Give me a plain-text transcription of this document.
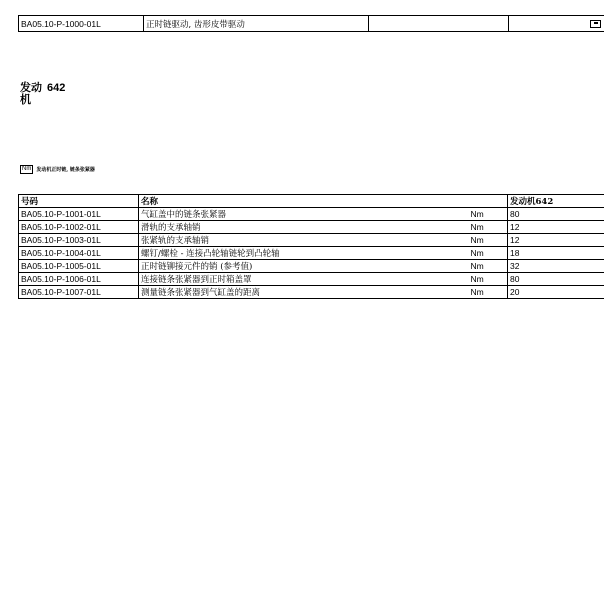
BA05.10-P-1000-01L	正时链驱动, 齿形皮带驱动		
发动 642
机
Nm	发动机正时链, 链条张紧器
号码	名称		发动机642
BA05.10-P-1001-01L	气缸盖中的链条张紧器	Nm	80
BA05.10-P-1002-01L	滑轨的支承轴销	Nm	12
BA05.10-P-1003-01L	张紧轨的支承轴销	Nm	12
BA05.10-P-1004-01L	螺钉/螺栓 - 连接凸轮轴链轮到凸轮轴	Nm	18
BA05.10-P-1005-01L	正时链铆接元件的销 (参考值)	Nm	32
BA05.10-P-1006-01L	连接链条张紧器到正时箱盖罩	Nm	80
BA05.10-P-1007-01L	测量链条张紧器到气缸盖的距离	Nm	20
